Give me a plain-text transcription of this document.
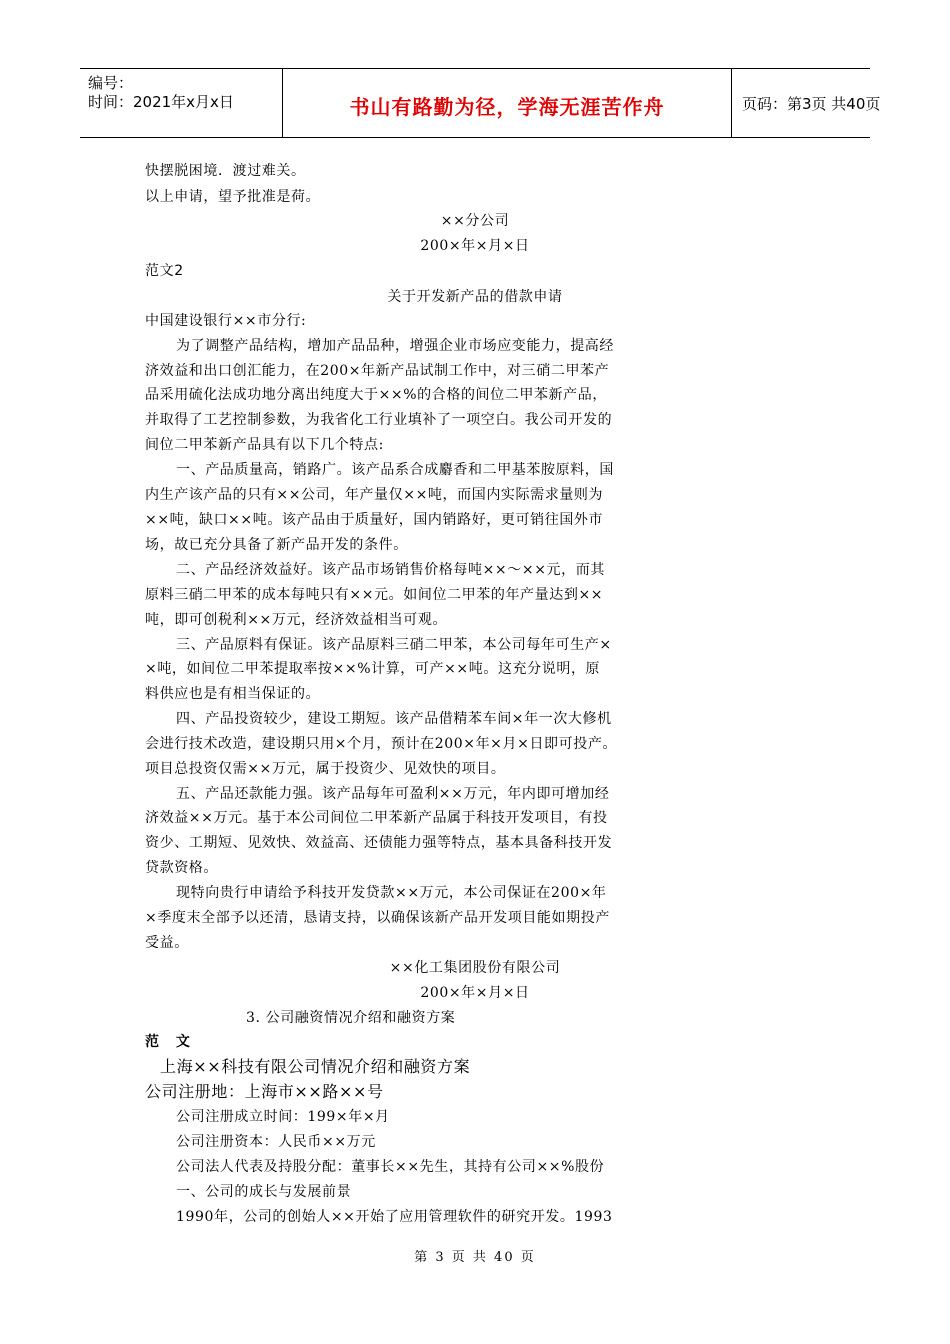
编号：
时间：2021年x月x日	书山有路勤为径，学海无涯苦作舟	页码：第3页 共40页
快摆脱困境．渡过难关。
以上申请，望予批准是荷。
××分公司
200×年×月×日
范文2
关于开发新产品的借款申请
中国建设银行××市分行:
为了调整产品结构，增加产品品种，增强企业市场应变能力，提高经
济效益和出口创汇能力，在200×年新产品试制工作中，对三硝二甲苯产
品采用硫化法成功地分离出纯度大于××%的合格的间位二甲苯新产品，
并取得了工艺控制参数，为我省化工行业填补了一项空白。我公司开发的
间位二甲苯新产品具有以下几个特点:
一、产品质量高，销路广。该产品系合成麝香和二甲基苯胺原料，国
内生产该产品的只有××公司，年产量仅××吨，而国内实际需求量则为
××吨，缺口××吨。该产品由于质量好，国内销路好，更可销往国外市
场，故已充分具备了新产品开发的条件。
二、产品经济效益好。该产品市场销售价格每吨××～××元，而其
原料三硝二甲苯的成本每吨只有××元。如间位二甲苯的年产量达到××
吨，即可创税利××万元，经济效益相当可观。
三、产品原料有保证。该产品原料三硝二甲苯，本公司每年可生产×
×吨，如间位二甲苯提取率按××%计算，可产××吨。这充分说明，原
料供应也是有相当保证的。
四、产品投资较少，建设工期短。该产品借精苯车间×年一次大修机
会进行技术改造，建设期只用×个月，预计在200×年×月×日即可投产。
项目总投资仅需××万元，属于投资少、见效快的项目。
五、产品还款能力强。该产品每年可盈利××万元，年内即可增加经
济效益××万元。基于本公司间位二甲苯新产品属于科技开发项目，有投
资少、工期短、见效快、效益高、还债能力强等特点，基本具备科技开发
贷款资格。
现特向贵行申请给予科技开发贷款××万元，本公司保证在200×年
×季度末全部予以还清，恳请支持，以确保该新产品开发项目能如期投产
受益。
××化工集团股份有限公司
200×年×月×日
3. 公司融资情况介绍和融资方案
范 文
上海××科技有限公司情况介绍和融资方案
公司注册地：上海市××路××号
公司注册成立时间：199×年×月
公司注册资本：人民币××万元
公司法人代表及持股分配：董事长××先生，其持有公司××%股份
一、公司的成长与发展前景
1990年，公司的创始人××开始了应用管理软件的研究开发。1993
第 3 页 共 40 页
